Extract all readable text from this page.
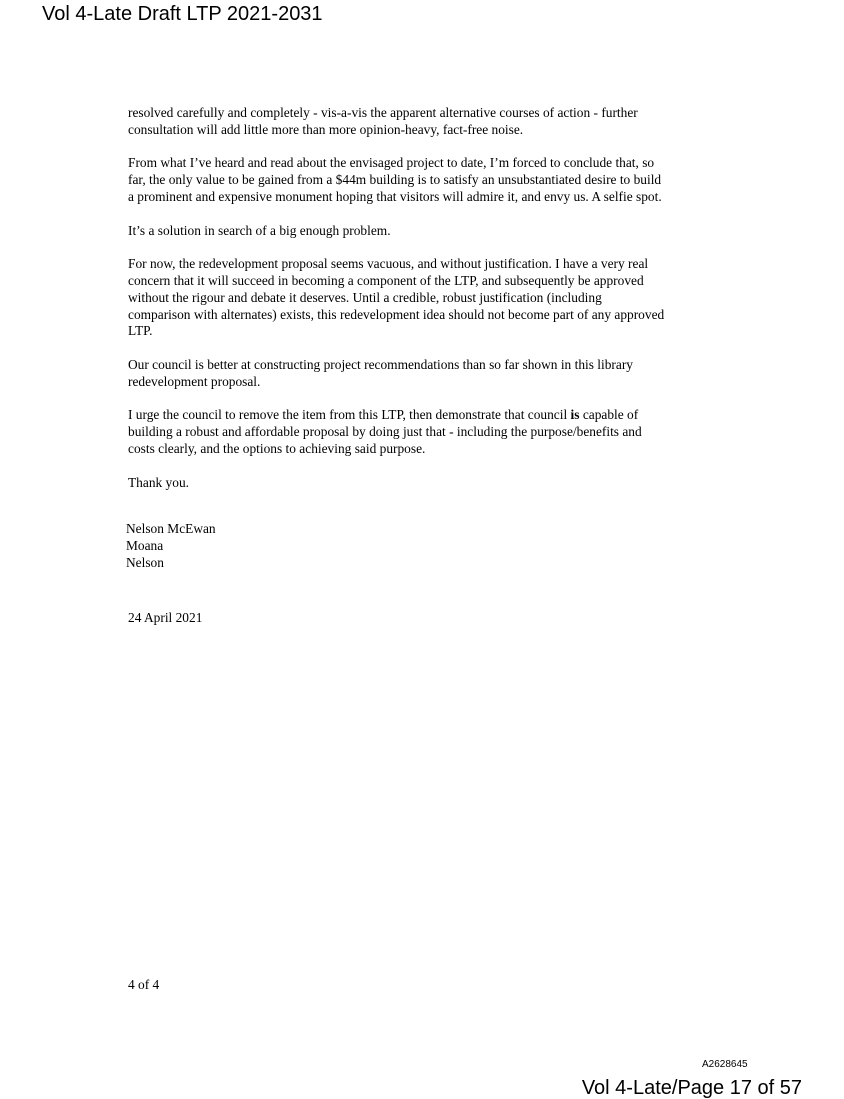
Vol 4-Late Draft LTP 2021-2031

resolved carefully and completely - vis-a-vis the apparent alternative courses of action - further
consultation will add little more than more opinion-heavy, fact-free noise.

From what I’ve heard and read about the envisaged project to date, I’m forced to conclude that, so
far, the only value to be gained from a $44m building is to satisfy an unsubstantiated desire to build
a prominent and expensive monument hoping that visitors will admire it, and envy us. A selfie spot.

It’s a solution in search of a big enough problem.

For now, the redevelopment proposal seems vacuous, and without justification. I have a very real
concern that it will succeed in becoming a component of the LTP, and subsequently be approved
without the rigour and debate it deserves. Until a credible, robust justification (including
comparison with alternates) exists, this redevelopment idea should not become part of any approved
LTP.

Our council is better at constructing project recommendations than so far shown in this library
redevelopment proposal.

I urge the council to remove the item from this LTP, then demonstrate that council is capable of
building a robust and affordable proposal by doing just that - including the purpose/benefits and
costs clearly, and the options to achieving said purpose.

Thank you.

Nelson McEwan
Moana
Nelson
24 April 2021
4 of 4
A2628645
Vol 4-Late/Page 17 of 57
